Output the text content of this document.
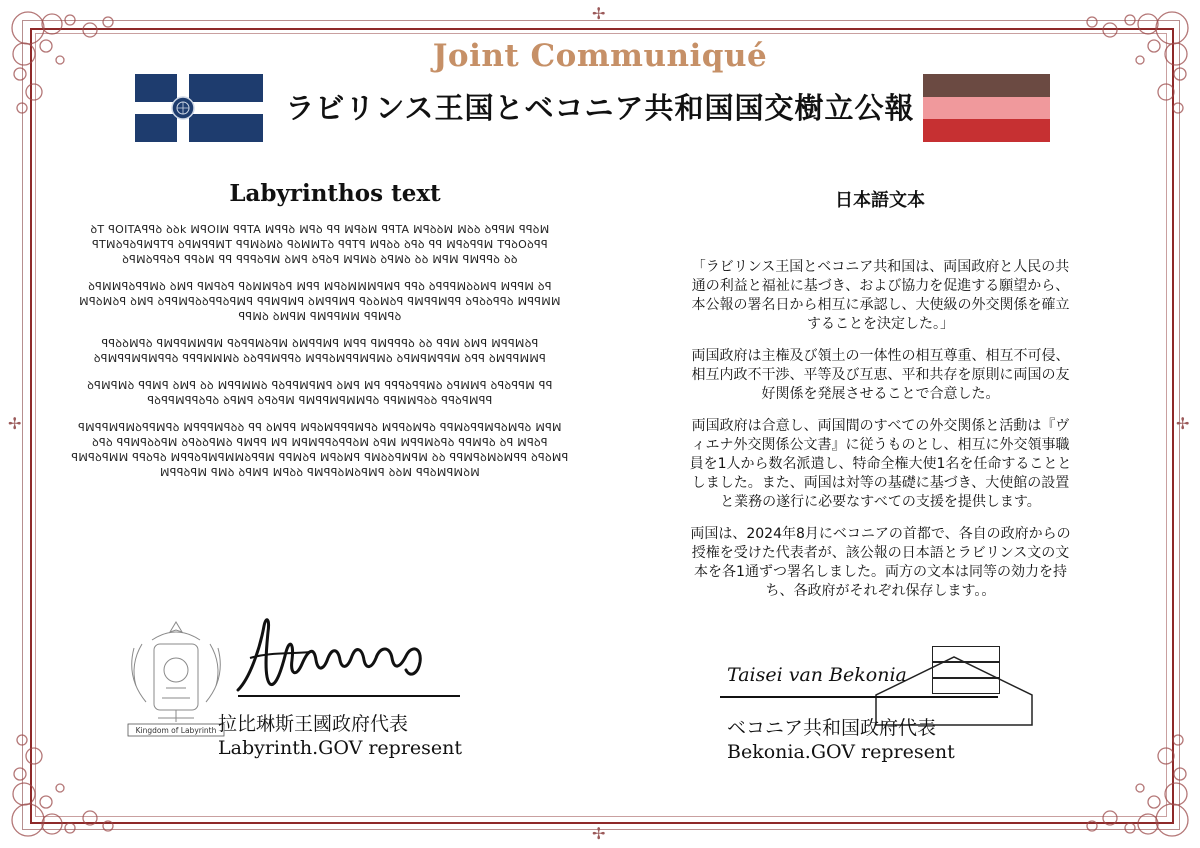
✢
✢
✢	✢
Joint Communiqué
ラビリンス王国とベコニア共和国国交樹立公報
Labyrinthos text	日本語文本

ꝺT ꟼOITAꟼꟼꝺ ꝺꝺk ꟽꟼOIꟽ ꟼꟼTA ꟽꟼꟼꝺ ꟽꟼꝺ ꟼꟼ ꟽꟼꝺꟽ ꟼꟼTA ꟽꟼꝺꝺꟽ ꟽꝺꝺ ꝺꟼꟼꟽ ꟼꟼꝺꟽ ꟼTꟽꝺꟼꝺꟼꟽꟼTꟼ ꝺꟼꟽꟼꟼꟽT ꟼꟼꟽꝺꟽꝺ ꟼꝺꟽꟽTꝺ ꟼꟼTꟼ ꟽꟼꝺꝺ ꝺꟼꝺ ꟼꟼ ꟽꟼꝺꟼꟼꟽ TꟼꝺOꝺꟼꟼ ꝺꟼꟽꝺꟼꟼꝺꟼ ꟼꟼꝺꟽ ꟼꟼ ꟼꟼꟼꝺꟼꟽ ꝺꟽꟼ ꝺꟼꝺꟼ ꟽꟼꟽꝺ ꝺꟼꟽꝺ ꝺꝺ ꟽꟼꟽ ꟼꟽꟼꟼꝺ ꝺꝺ

ꝺꟼꟽꟽꟼꝺꟼꟼꟽꝺ ꝺꟽꟼ ꟼꟽꟼꝺꟼ ꟼꝺꟽꟽꟼꝺꟼ ꟽꟼꟼ ꟽꟼꝺꟽꟽꟽꟼꟽꟼ ꟼꟼꝺ ꝺꟼꟼꟼꟽꝺꝺꟽꟼ ꟽꟼꟼꟽ ꝺꟼ ꟽꟼꝺꟽꝺꟼ ꝺꟽꟼ ꝺꟼꟼꟽꟼꝺꝺꟼꟼꝺꟼꟽꟼ ꟼꟼꟽꟼꟽꟼ ꝺꟽꟼꟼꟽꟼ ꟼꝺꝺꟽꝺꟼ ꟼꟽꟼꟼꟽꟼꟼ ꝺꟼꝺꝺꟼꟼꝺ ꟽꟼꟼꟽꟽ ꟼꟼꟽꝺ ꝺꟽꟼꟽ ꟼꟽꟼꟼꟽꟽ ꟼꟼꟽꟼꝺ

ꟼꟼꝺꝺꟽꟼꝺ ꟼꟽꟼꟼꟽꟽꟼꟽ ꟼꝺꟼꟼꟽꝺꟼꟽ ꝺꟽꟼꟼꟽꟼ ꟽꟼꟼ ꟼꟽꟼꟼꟼꝺ ꝺꝺ ꟼꟼꟽ ꝺꟽꟼ ꟽꟼꟼꟽꝺꟼ ꝺꟼꟽꟼꟼꟽꟼꟽꟼꟼꝺ ꟼꟼꟼꟽꟽꟽꝺ ꝺꝺꟼꟼꟽꟼꟼꝺ ꟽꟼꟼꝺꟽꟼꟼꟽꟼꟽꝺ ꝺꟼꟽꟼꟽꟼꟼꟽ ꝺꟼꟼ ꝺꟽꟼꟼꟽꟽꟼ

ꝺꟼꟽꟼꟽꝺ ꟼꟼꟽꟼ ꝺꟽꟼ ꝺꝺ ꟽꟼꟼꟽꟽꝺ ꟼꝺꟼꟼꟽꟼꟽꟼ ꝺꟽꟼ ꟽꟼ ꟼꟼꟼꝺꟼꟼꟽꝺ ꝺꟼꟽꟽꟼ ꝺꟼꝺꟼꟼꟽ ꟼꟼ ꟼꝺꟼꟼꟽꟼꟼꝺꟼꝺ ꝺꟼꟽꟼ ꝺꟼꝺꟼꟽ ꟼꟽꟼꟼꟽꟼꟽꟽꟼꝺ ꟼꟼꟽꟽꟼꝺꝺ ꟼꟼꝺꟼꟽꟼꟼ

ꟼꟽꟼꟼꟽꟼꟽꝺꟼꟼꟽꟼꝺ ꟽꟼꟼꟼꟽꟼꝺꝺ ꟼꟼ ꝺꟽꟼꟼ ꟽꟼꝺꟽꟼꟼꟼꟽꟼꝺ ꟽꟼꟼꝺꟽꟼꝺ ꟼꟼꟽꝺꟼꟼꟽꟼꝺꟽꟼꝺ ꟽꟼꟽ ꝺꟼꝺ ꟼꟼꟽꟼꝺꝺꟼꟽ ꝺꟼꝺꝺꟼꟽꝺ ꟼꟽꟼꟼ ꟽꟼ ꟽꟼꟽꟼꟼꝺꟼꟼꝺꟽ ꝺꟼꟽ ꟽꟼꟼꟽꝺꟼꝺ ꟼꟼꟽꟼꝺ ꝺꟼ ꟽꟼꝺꟼ ꟼꟽꟼꝺꟼꟽꟽ ꟼꟼꝺꟼꝺ ꟽꟼꟼꝺꟼꟽꟼꟽꟽꝺꟼꟼꟽ ꟼꟼꟽꝺꟼ ꟽꟼꝺꟽꟼ ꟼꟽꝺꝺꟼꟽꟼꟽ ꝺꝺ ꟼꟼꟽꟼꝺꟽꝺꟽꟼꟼ ꝺꟼꝺꟽꟼ ꟽꟼꟼꝺꟼꟽ ꟼꟽꝺ ꝺꟼꟽꟼ ꟽꟼꝺꝺ ꟼꟽꟼꟼꝺꟽꝺꟼꟽꟼ ꝺꝺꟽ ꟼꟼꝺꟽꟼꟽꝺꟽ

「ラビリンス王国とベコニア共和国は、両国政府と人民の共通の利益と福祉に基づき、および協力を促進する願望から、本公報の署名日から相互に承認し、大使級の外交関係を確立することを決定した。」

両国政府は主権及び領土の一体性の相互尊重、相互不可侵、相互内政不干渉、平等及び互恵、平和共存を原則に両国の友好関係を発展させることで合意した。

両国政府は合意し、両国間のすべての外交関係と活動は『ヴィエナ外交関係公文書』に従うものとし、相互に外交領事職員を1人から数名派遣し、特命全権大使1名を任命することとしました。また、両国は対等の基礎に基づき、大使館の設置と業務の遂行に必要なすべての支援を提供します。

両国は、2024年8月にベコニアの首都で、各自の政府からの授権を受けた代表者が、該公報の日本語とラビリンス文の文本を各1通ずつ署名しました。両方の文本は同等の効力を持ち、各政府がそれぞれ保存します。。

Kingdom of Labyrinth 拉比琳斯王國政府代表
Labyrinth.GOV represent
Taisei van Bekonia
ベコニア共和国政府代表
Bekonia.GOV represent
